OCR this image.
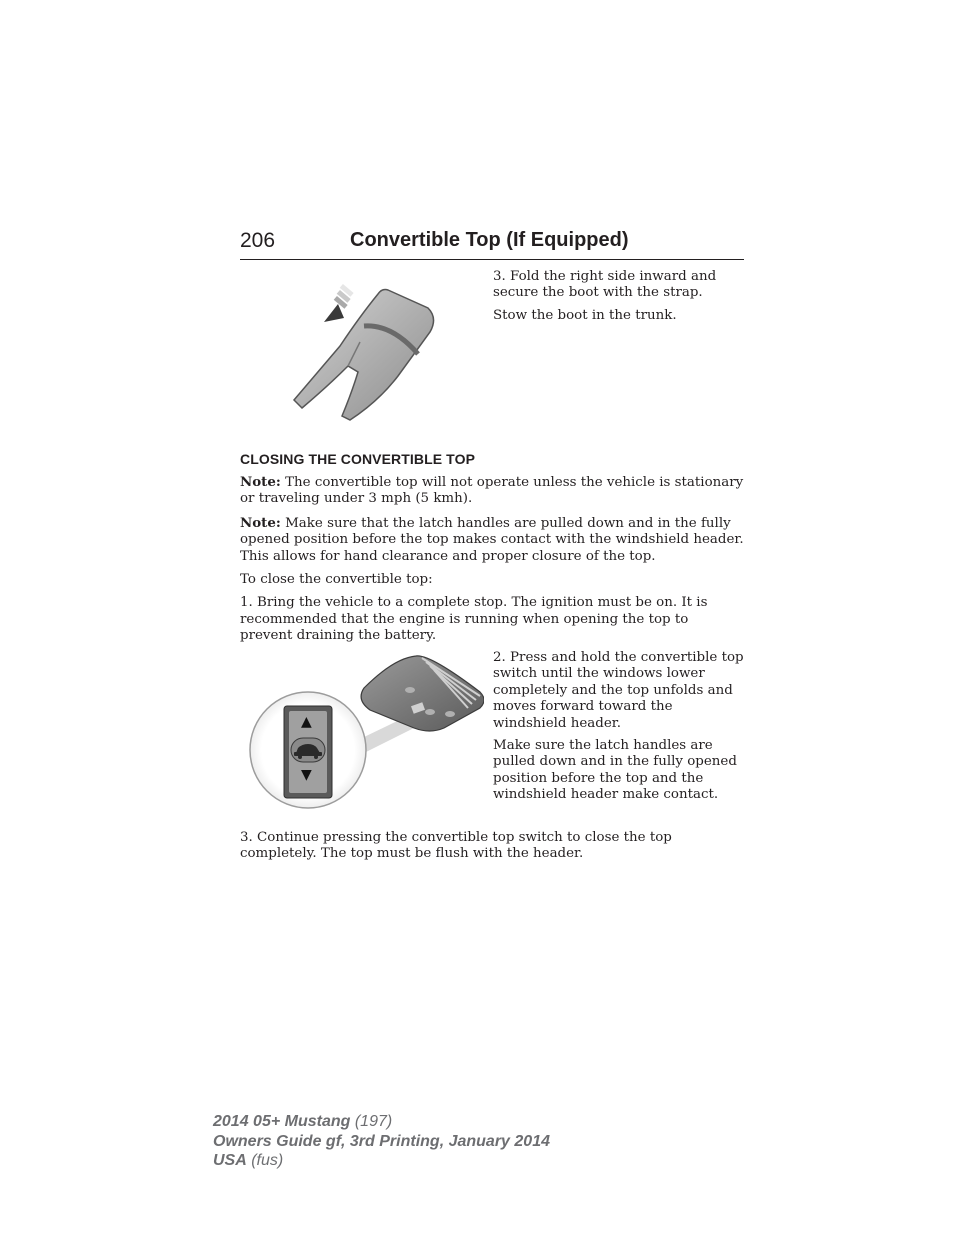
206	Convertible Top (If Equipped)

3. Fold the right side inward and secure the boot with the strap.

Stow the boot in the trunk.

CLOSING THE CONVERTIBLE TOP

Note: The convertible top will not operate unless the vehicle is stationary or traveling under 3 mph (5 kmh).

Note: Make sure that the latch handles are pulled down and in the fully opened position before the top makes contact with the windshield header. This allows for hand clearance and proper closure of the top.

To close the convertible top:

1. Bring the vehicle to a complete stop. The ignition must be on. It is recommended that the engine is running when opening the top to prevent draining the battery.

▲
▼

2. Press and hold the convertible top switch until the windows lower completely and the top unfolds and moves forward toward the windshield header.

Make sure the latch handles are pulled down and in the fully opened position before the top and the windshield header make contact.

3. Continue pressing the convertible top switch to close the top completely. The top must be flush with the header.

2014 05+ Mustang (197)
Owners Guide gf, 3rd Printing, January 2014
USA (fus)
